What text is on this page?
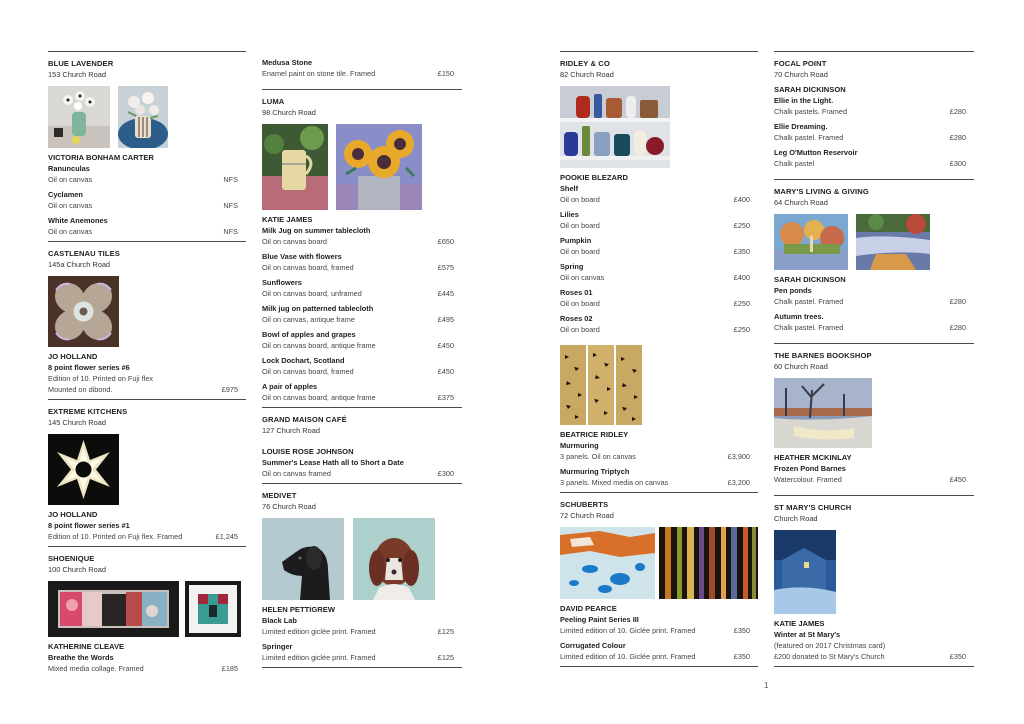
BLUE LAVENDER
153 Church Road
VICTORIA BONHAM CARTER
Ranunculas
Oil on canvas	NFS
Cyclamen
Oil on canvas	NFS
White Anemones
Oil on canvas	NFS
CASTLENAU TILES
145a Church Road
JO HOLLAND
8 point flower series #6
Edition of 10. Printed on Fuji flex
Mounted on dibond.	£975
EXTREME KITCHENS
145 Church Road
JO HOLLAND
8 point flower series #1
Edition of 10. Printed on Fuji flex. Framed	£1,245
SHOENIQUE
100 Church Road
KATHERINE CLEAVE
Breathe the Words
Mixed media collage. Framed	£185
Medusa Stone
Enamel paint on stone tile. Framed	£150
LUMA
98 Church Road
KATIE JAMES
Milk Jug on summer tablecloth
Oil on canvas board	£650
Blue Vase with flowers
Oil on canvas board, framed	£575
Sunflowers
Oil on canvas board, unframed	£445
Milk jug on patterned tablecloth
Oil on canvas, antique frame	£495
Bowl of apples and grapes
Oil on canvas board, antique frame	£450
Lock Dochart, Scotland
Oil on canvas board, framed	£450
A pair of apples
Oil on canvas board, antique frame	£375
GRAND MAISON CAFÉ
127 Church Road
LOUISE ROSE JOHNSON
Summer's Lease Hath all to Short a Date
Oil on canvas framed	£300
MEDIVET
76 Church Road
HELEN PETTIGREW
Black Lab
Limited edition giclée print. Framed	£125
Springer
Limited edition giclée print. Framed	£125
RIDLEY & CO
82 Church Road
POOKIE BLEZARD
Shelf
Oil on board	£400
Lilies
Oil on board	£250
Pumpkin
Oil on board	£350
Spring
Oil on canvas	£400
Roses 01
Oil on board	£250
Roses 02
Oil on board	£250
BEATRICE RIDLEY
Murmuring
3 panels. Oil on canvas	£3,900
Murmuring Triptych
3 panels. Mixed media on canvas	£3,200
SCHUBERTS
72 Church Road
DAVID PEARCE
Peeling Paint Series III
Limited edition of 10. Giclée print. Framed	£350
Corrugated Colour
Limited edition of 10. Giclée print. Framed	£350
FOCAL POINT
70 Church Road
SARAH DICKINSON
Ellie in the Light.
Chalk pastels. Framed	£280
Ellie Dreaming.
Chalk pastel. Framed	£280
Leg O'Mutton Reservoir
Chalk pastel	£300
MARY'S LIVING & GIVING
64 Church Road
SARAH DICKINSON
Pen ponds
Chalk pastel. Framed	£280
Autumn trees.
Chalk pastel. Framed	£280
THE BARNES BOOKSHOP
60 Church Road
HEATHER MCKINLAY
Frozen Pond Barnes
Watercolour. Framed	£450
ST MARY'S CHURCH
Church Road
KATIE JAMES
Winter at St Mary's
(featured on 2017 Christmas card)
£200 donated to St Mary's Church	£350
1
